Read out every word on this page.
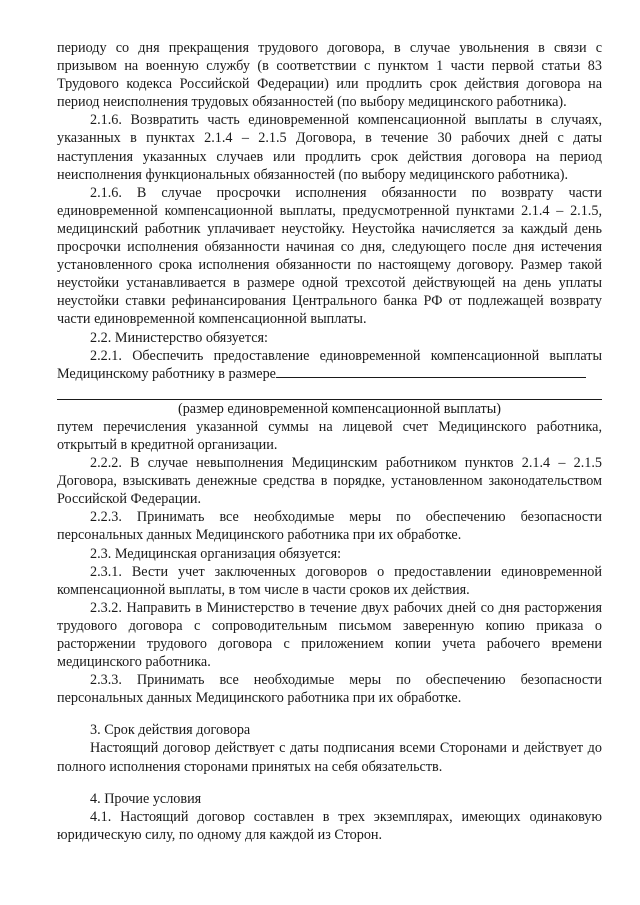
периоду со дня прекращения трудового договора, в случае увольнения в связи с призывом на военную службу (в соответствии с пунктом 1 части первой статьи 83 Трудового кодекса Российской Федерации) или продлить срок действия договора на период неисполнения трудовых обязанностей (по выбору медицинского работника).

2.1.6. Возвратить часть единовременной компенсационной выплаты в случаях, указанных в пунктах 2.1.4 – 2.1.5 Договора, в течение 30 рабочих дней с даты наступления указанных случаев или продлить срок действия договора на период неисполнения функциональных обязанностей (по выбору медицинского работника).

2.1.6. В случае просрочки исполнения обязанности по возврату части единовременной компенсационной выплаты, предусмотренной пунктами 2.1.4 – 2.1.5, медицинский работник уплачивает неустойку. Неустойка начисляется за каждый день просрочки исполнения обязанности начиная со дня, следующего после дня истечения установленного срока исполнения обязанности по настоящему договору. Размер такой неустойки устанавливается в размере одной трехсотой действующей на день уплаты неустойки ставки рефинансирования Центрального банка РФ от подлежащей возврату части единовременной компенсационной выплаты.

2.2. Министерство обязуется:

2.2.1. Обеспечить предоставление единовременной компенсационной выплаты Медицинскому работнику в размере

(размер единовременной компенсационной выплаты)

путем перечисления указанной суммы на лицевой счет Медицинского работника, открытый в кредитной организации.

2.2.2. В случае невыполнения Медицинским работником пунктов 2.1.4 – 2.1.5 Договора, взыскивать денежные средства в порядке, установленном законодательством Российской Федерации.

2.2.3. Принимать все необходимые меры по обеспечению безопасности персональных данных Медицинского работника при их обработке.

2.3. Медицинская организация обязуется:

2.3.1. Вести учет заключенных договоров о предоставлении единовременной компенсационной выплаты, в том числе в части сроков их действия.

2.3.2. Направить в Министерство в течение двух рабочих дней со дня расторжения трудового договора с сопроводительным письмом заверенную копию приказа о расторжении трудового договора с приложением копии учета рабочего времени медицинского работника.

2.3.3. Принимать все необходимые меры по обеспечению безопасности персональных данных Медицинского работника при их обработке.

3. Срок действия договора

Настоящий договор действует с даты подписания всеми Сторонами и действует до полного исполнения сторонами принятых на себя обязательств.

4. Прочие условия

4.1. Настоящий договор составлен в трех экземплярах, имеющих одинаковую юридическую силу, по одному для каждой из Сторон.
